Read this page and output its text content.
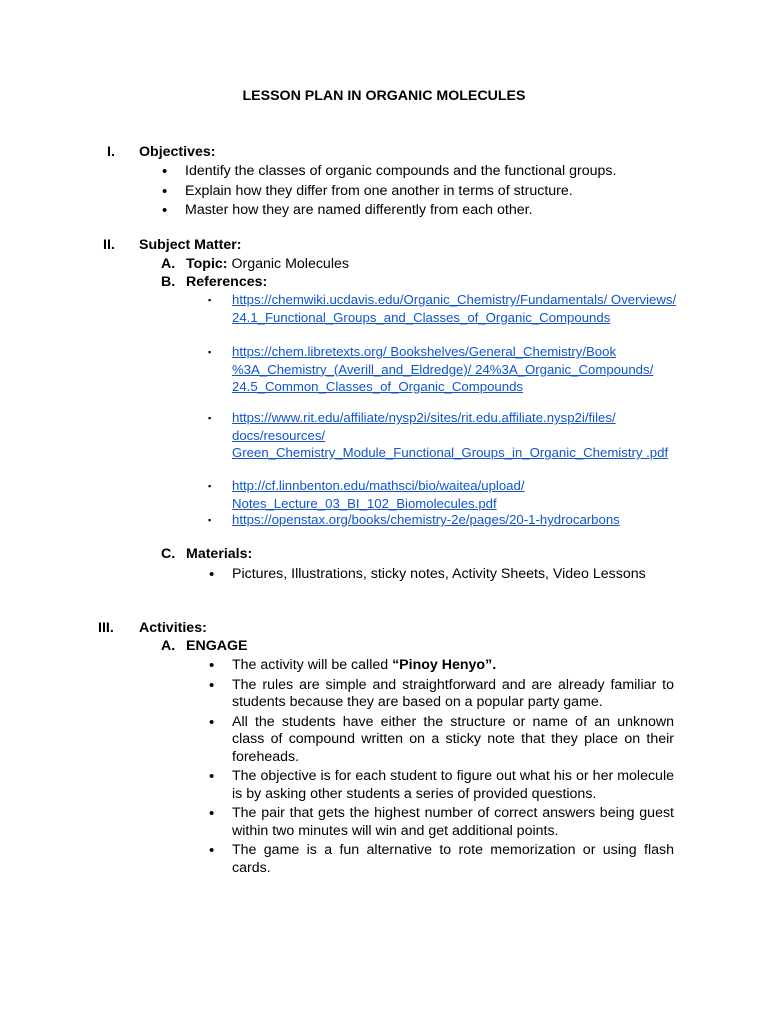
LESSON PLAN IN ORGANIC MOLECULES
I. Objectives:
• Identify the classes of organic compounds and the functional groups.
• Explain how they differ from one another in terms of structure.
• Master how they are named differently from each other.
II. Subject Matter:
A. Topic: Organic Molecules
B. References:
▪ https://chemwiki.ucdavis.edu/Organic_Chemistry/Fundamentals/ Overviews/ 24.1_Functional_Groups_and_Classes_of_Organic_Compounds
▪ https://chem.libretexts.org/ Bookshelves/General_Chemistry/Book %3A_Chemistry_(Averill_and_Eldredge)/ 24%3A_Organic_Compounds/ 24.5_Common_Classes_of_Organic_Compounds
▪ https://www.rit.edu/affiliate/nysp2i/sites/rit.edu.affiliate.nysp2i/files/ docs/resources/ Green_Chemistry_Module_Functional_Groups_in_Organic_Chemistry .pdf
▪ http://cf.linnbenton.edu/mathsci/bio/waitea/upload/ Notes_Lecture_03_BI_102_Biomolecules.pdf
▪ https://openstax.org/books/chemistry-2e/pages/20-1-hydrocarbons
C. Materials:
• Pictures, Illustrations, sticky notes, Activity Sheets, Video Lessons
III. Activities:
A. ENGAGE
• The activity will be called “Pinoy Henyo”.
• The rules are simple and straightforward and are already familiar to students because they are based on a popular party game.
• All the students have either the structure or name of an unknown class of compound written on a sticky note that they place on their foreheads.
• The objective is for each student to figure out what his or her molecule is by asking other students a series of provided questions.
• The pair that gets the highest number of correct answers being guest within two minutes will win and get additional points.
• The game is a fun alternative to rote memorization or using flash cards.
